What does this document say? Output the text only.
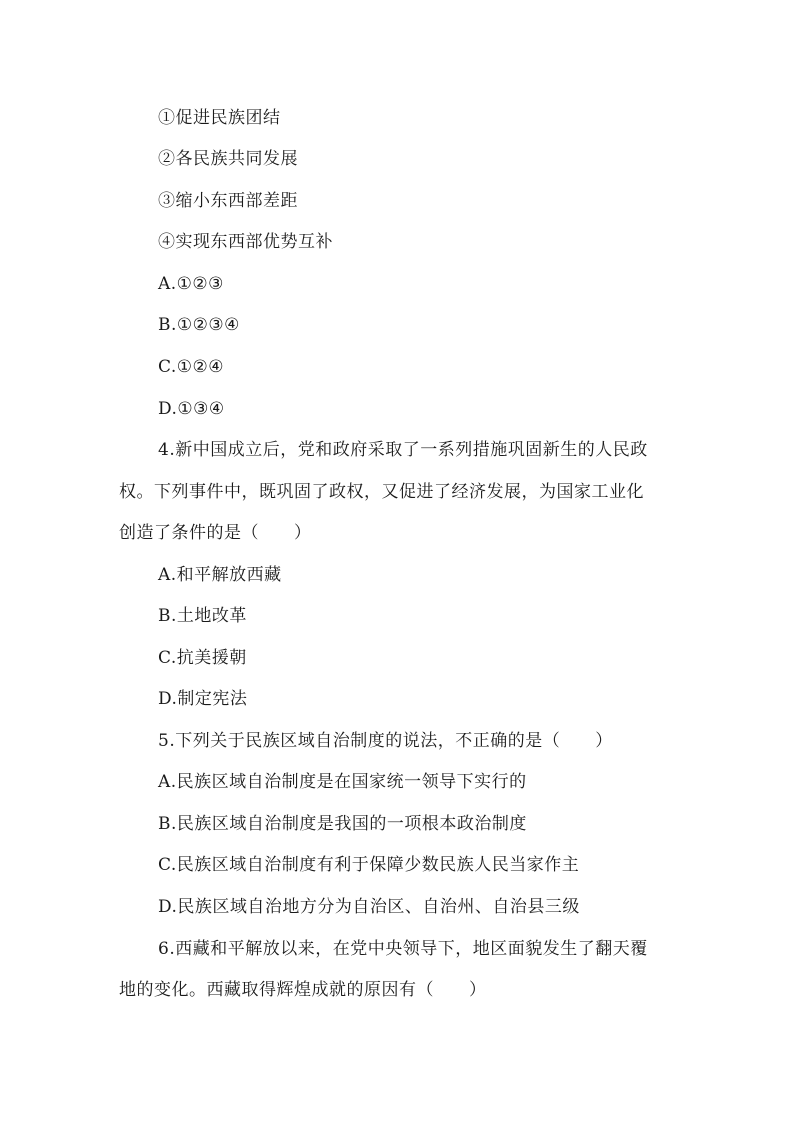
①促进民族团结
②各民族共同发展
③缩小东西部差距
④实现东西部优势互补
A.①②③
B.①②③④
C.①②④
D.①③④
4.新中国成立后，党和政府采取了一系列措施巩固新生的人民政
权。下列事件中，既巩固了政权，又促进了经济发展，为国家工业化
创造了条件的是（　　）
A.和平解放西藏
B.土地改革
C.抗美援朝
D.制定宪法
5.下列关于民族区域自治制度的说法，不正确的是（　　）
A.民族区域自治制度是在国家统一领导下实行的
B.民族区域自治制度是我国的一项根本政治制度
C.民族区域自治制度有利于保障少数民族人民当家作主
D.民族区域自治地方分为自治区、自治州、自治县三级
6.西藏和平解放以来，在党中央领导下，地区面貌发生了翻天覆
地的变化。西藏取得辉煌成就的原因有（　　）
